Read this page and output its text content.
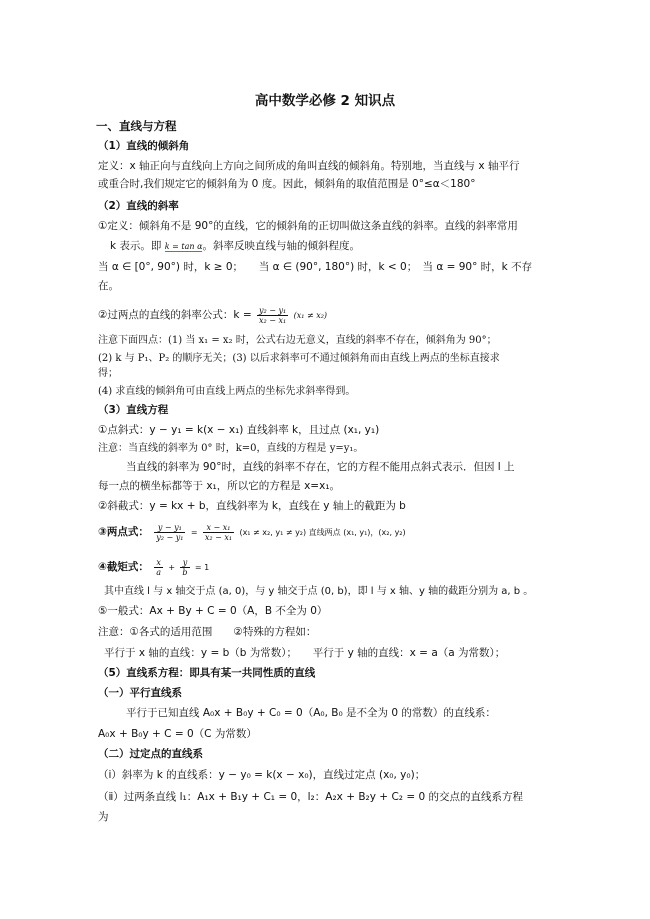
高中数学必修 2 知识点
一、直线与方程
（1）直线的倾斜角
定义：x 轴正向与直线向上方向之间所成的角叫直线的倾斜角。特别地，当直线与 x 轴平行
或重合时,我们规定它的倾斜角为 0 度。因此，倾斜角的取值范围是 0°≤α＜180°
（2）直线的斜率
①定义：倾斜角不是 90°的直线，它的倾斜角的正切叫做这条直线的斜率。直线的斜率常用
k 表示。即 k = tan α。斜率反映直线与轴的倾斜程度。
当 α ∈ [0°, 90°) 时，k ≥ 0；　　当 α ∈ (90°, 180°) 时，k < 0；　当 α = 90° 时，k 不存
在。
②过两点的直线的斜率公式：$k = \frac{\text{y₂ − y₁}}{\text{x₂ − x₁}} (x_1 \ne x_2)$
注意下面四点：(1) 当 x₁ = x₂ 时，公式右边无意义，直线的斜率不存在，倾斜角为 90°；
(2) k 与 P₁、P₂ 的顺序无关；(3) 以后求斜率可不通过倾斜角而由直线上两点的坐标直接求
得；
(4) 求直线的倾斜角可由直线上两点的坐标先求斜率得到。
（3）直线方程
①点斜式：y − y₁ = k(x − x₁) 直线斜率 k，且过点 (x₁, y₁)
注意：当直线的斜率为 0° 时，k=0，直线的方程是 y=y₁。
当直线的斜率为 90°时，直线的斜率不存在，它的方程不能用点斜式表示．但因 l 上
每一点的横坐标都等于 x₁，所以它的方程是 x=x₁。
②斜截式：y = kx + b，直线斜率为 k，直线在 y 轴上的截距为 b
③两点式： $\frac{\text{y − y₁}}{\text{y₂ − y₁}} = \frac{\text{x − x₁}}{\text{x₂ − x₁}} (x_1 \ne x_2$, y₁ ≠ y₂) 直线两点 (x₁, y₁)，(x₂, y₂)
④截矩式： $\frac{x}{a} + \frac{y}{b} = 1$
其中直线 l 与 x 轴交于点 (a, 0)，与 y 轴交于点 (0, b)，即 l 与 x 轴、y 轴的截距分别为 a, b 。
⑤一般式：Ax + By + C = 0（A，B 不全为 0）
注意：①各式的适用范围　　②特殊的方程如：
平行于 x 轴的直线：y = b（b 为常数）；　　平行于 y 轴的直线：x = a（a 为常数）；
（5）直线系方程：即具有某一共同性质的直线
（一）平行直线系
平行于已知直线 A₀x + B₀y + C₀ = 0（A₀, B₀ 是不全为 0 的常数）的直线系：
A₀x + B₀y + C = 0（C 为常数）
（二）过定点的直线系
（ⅰ）斜率为 k 的直线系：y − y₀ = k(x − x₀)，直线过定点 (x₀, y₀)；
（ⅱ）过两条直线 l₁：A₁x + B₁y + C₁ = 0，l₂：A₂x + B₂y + C₂ = 0 的交点的直线系方程
为
